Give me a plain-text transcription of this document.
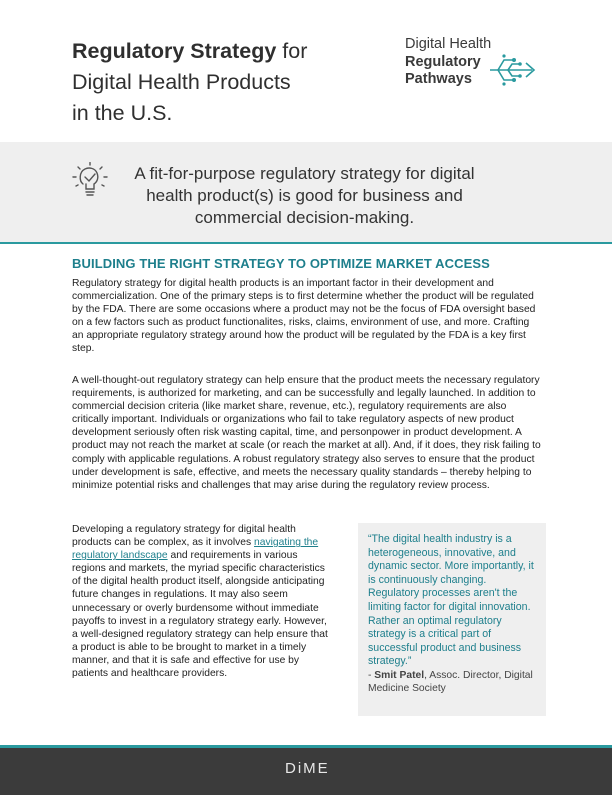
Regulatory Strategy for
Digital Health Products
in the U.S.
Digital Health
Regulatory
Pathways
A fit-for-purpose regulatory strategy for digital health product(s) is good for business and commercial decision-making.
BUILDING THE RIGHT STRATEGY TO OPTIMIZE MARKET ACCESS

Regulatory strategy for digital health products is an important factor in their development and commercialization. One of the primary steps is to first determine whether the product will be regulated by the FDA. There are some occasions where a product may not be the focus of FDA oversight based on a few factors such as product functionalites, risks, claims, environment of use, and more. Crafting an appropriate regulatory strategy around how the product will be regulated by the FDA is a key first step.

A well-thought-out regulatory strategy can help ensure that the product meets the necessary regulatory requirements, is authorized for marketing, and can be successfully and legally launched. In addition to commercial decision criteria (like market share, revenue, etc.), regulatory requirements are also critically important. Individuals or organizations who fail to take regulatory aspects of new product development seriously often risk wasting capital, time, and personpower in product development. A product may not reach the market at scale (or reach the market at all). And, if it does, they risk failing to comply with applicable regulations. A robust regulatory strategy also serves to ensure that the product under development is safe, effective, and meets the necessary quality standards – thereby helping to minimize potential risks and challenges that may arise during the regulatory review process.

Developing a regulatory strategy for digital health products can be complex, as it involves navigating the regulatory landscape and requirements in various regions and markets, the myriad specific characteristics of the digital health product itself, alongside anticipating future changes in regulations. It may also seem unnecessary or overly burdensome without immediate payoffs to invest in a regulatory strategy early. However, a well-designed regulatory strategy can help ensure that a product is able to be brought to market in a timely manner, and that it is safe and effective for use by patients and healthcare providers.

“The digital health industry is a heterogeneous, innovative, and dynamic sector. More importantly, it is continuously changing. Regulatory processes aren't the limiting factor for digital innovation. Rather an optimal regulatory strategy is a critical part of successful product and business strategy.”
- Smit Patel, Assoc. Director, Digital Medicine Society
DiME
